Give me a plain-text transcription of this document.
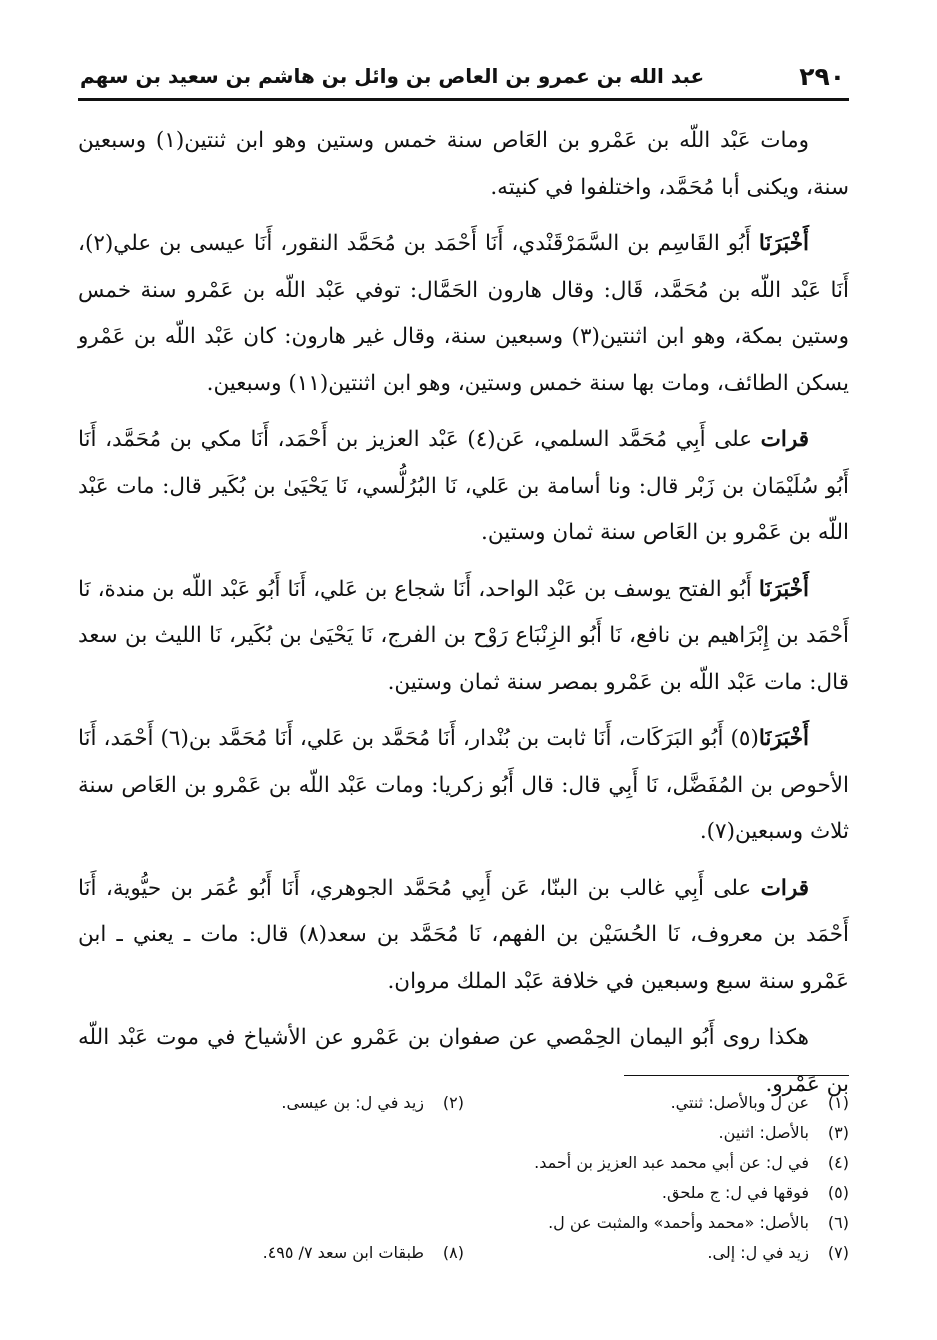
٢٩٠
عبد الله بن عمرو بن العاص بن وائل بن هاشم بن سعيد بن سهم

ومات عَبْد اللّه بن عَمْرو بن العَاص سنة خمس وستين وهو ابن ثنتين(١) وسبعين سنة، ويكنى أبا مُحَمَّد، واختلفوا في كنيته.

أَخْبَرَنَا أَبُو القَاسِم بن السَّمَرْقَنْدي، أَنَا أَحْمَد بن مُحَمَّد النقور، أَنَا عيسى بن علي(٢)، أَنَا عَبْد اللّه بن مُحَمَّد، قَال: وقال هارون الحَمَّال: توفي عَبْد اللّه بن عَمْرو سنة خمس وستين بمكة، وهو ابن اثنتين(٣) وسبعين سنة، وقال غير هارون: كان عَبْد اللّه بن عَمْرو يسكن الطائف، ومات بها سنة خمس وستين، وهو ابن اثنتين(١١) وسبعين.

قرات على أَبِي مُحَمَّد السلمي، عَن(٤) عَبْد العزيز بن أَحْمَد، أَنَا مكي بن مُحَمَّد، أَنَا أَبُو سُلَيْمَان بن زَبْر قال: ونا أسامة بن عَلي، نَا البُرُلُّسي، نَا يَحْيَىٰ بن بُكَير قال: مات عَبْد اللّه بن عَمْرو بن العَاص سنة ثمان وستين.

أَخْبَرَنَا أَبُو الفتح يوسف بن عَبْد الواحد، أَنَا شجاع بن عَلي، أَنَا أَبُو عَبْد اللّه بن مندة، نَا أَحْمَد بن إِبْرَاهيم بن نافع، نَا أَبُو الزِنْبَاع رَوْح بن الفرج، نَا يَحْيَىٰ بن بُكَير، نَا الليث بن سعد قال: مات عَبْد اللّه بن عَمْرو بمصر سنة ثمان وستين.

أَخْبَرَنَا(٥) أَبُو البَرَكَات، أَنَا ثابت بن بُنْدار، أَنَا مُحَمَّد بن عَلي، أَنَا مُحَمَّد بن(٦) أَحْمَد، أَنَا الأحوص بن المُفَضَّل، نَا أَبِي قال: قال أَبُو زكريا: ومات عَبْد اللّه بن عَمْرو بن العَاص سنة ثلاث وسبعين(٧).

قرات على أَبِي غالب بن البنّا، عَن أَبِي مُحَمَّد الجوهري، أَنَا أَبُو عُمَر بن حيُّوية، أَنَا أَحْمَد بن معروف، نَا الحُسَيْن بن الفهم، نَا مُحَمَّد بن سعد(٨) قال: مات ـ يعني ـ ابن عَمْرو سنة سبع وسبعين في خلافة عَبْد الملك مروان.

هكذا روى أَبُو اليمان الحِمْصي عن صفوان بن عَمْرو عن الأشياخ في موت عَبْد اللّه بن عَمْرو.

(١)عن ل وبالأصل: ثنتي.
(٢)زيد في ل: بن عيسى.
(٣)بالأصل: اثنين.
(٤)في ل: عن أبي محمد عبد العزيز بن أحمد.
(٥)فوقها في ل: ج ملحق.
(٦)بالأصل: «محمد وأحمد» والمثبت عن ل.
(٧)زيد في ل: إلى.
(٨)طبقات ابن سعد ٧/ ٤٩٥.
